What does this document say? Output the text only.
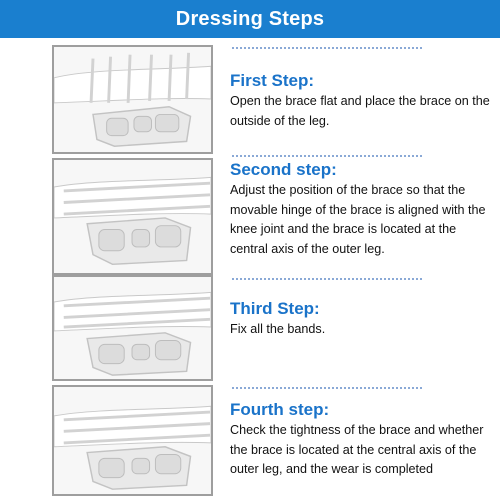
Dressing Steps
First Step:
Open the brace flat and place the brace on the outside of the leg.
Second step:
Adjust the position of the brace so that the movable hinge of the brace is aligned with the knee joint and the brace is located at the central axis of the outer leg.
Third Step:
Fix all the bands.
Fourth step:
Check the tightness of the brace and whether the brace is located at the central axis of the outer leg, and the wear is completed
